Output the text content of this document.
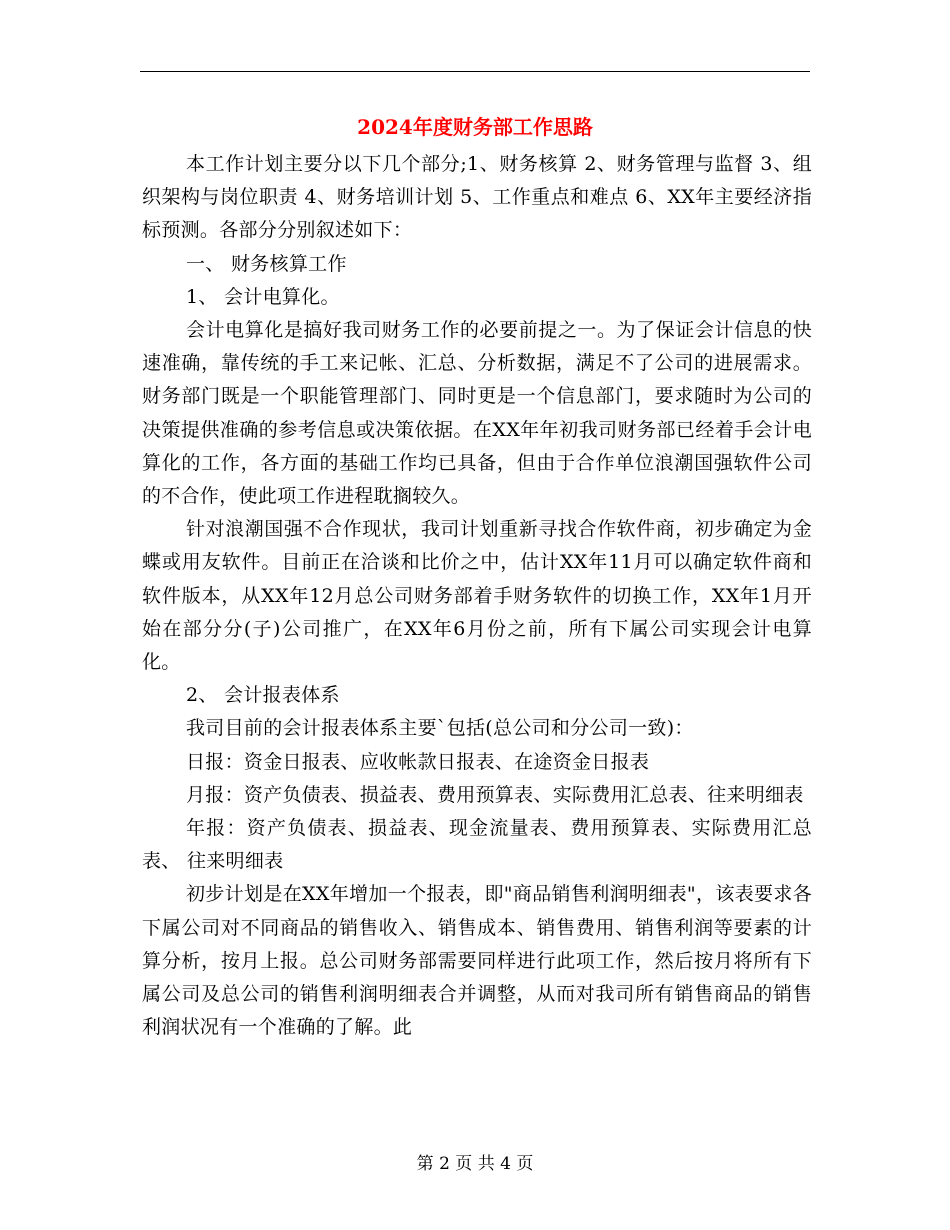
2024年度财务部工作思路

本工作计划主要分以下几个部分;1、财务核算 2、财务管理与监督 3、组织架构与岗位职责 4、财务培训计划 5、工作重点和难点 6、XX年主要经济指标预测。各部分分别叙述如下：

一、 财务核算工作

1、 会计电算化。

会计电算化是搞好我司财务工作的必要前提之一。为了保证会计信息的快速准确，靠传统的手工来记帐、汇总、分析数据，满足不了公司的进展需求。财务部门既是一个职能管理部门、同时更是一个信息部门，要求随时为公司的决策提供准确的参考信息或决策依据。在XX年年初我司财务部已经着手会计电算化的工作，各方面的基础工作均已具备，但由于合作单位浪潮国强软件公司的不合作，使此项工作进程耽搁较久。

针对浪潮国强不合作现状，我司计划重新寻找合作软件商，初步确定为金蝶或用友软件。目前正在洽谈和比价之中，估计XX年11月可以确定软件商和软件版本，从XX年12月总公司财务部着手财务软件的切换工作，XX年1月开始在部分分(子)公司推广，在XX年6月份之前，所有下属公司实现会计电算化。

2、 会计报表体系

我司目前的会计报表体系主要`包括(总公司和分公司一致)：

日报：资金日报表、应收帐款日报表、在途资金日报表

月报：资产负债表、损益表、费用预算表、实际费用汇总表、往来明细表

年报：资产负债表、损益表、现金流量表、费用预算表、实际费用汇总表、 往来明细表

初步计划是在XX年增加一个报表，即"商品销售利润明细表"，该表要求各下属公司对不同商品的销售收入、销售成本、销售费用、销售利润等要素的计算分析，按月上报。总公司财务部需要同样进行此项工作，然后按月将所有下属公司及总公司的销售利润明细表合并调整，从而对我司所有销售商品的销售利润状况有一个准确的了解。此

第 2 页 共 4 页
